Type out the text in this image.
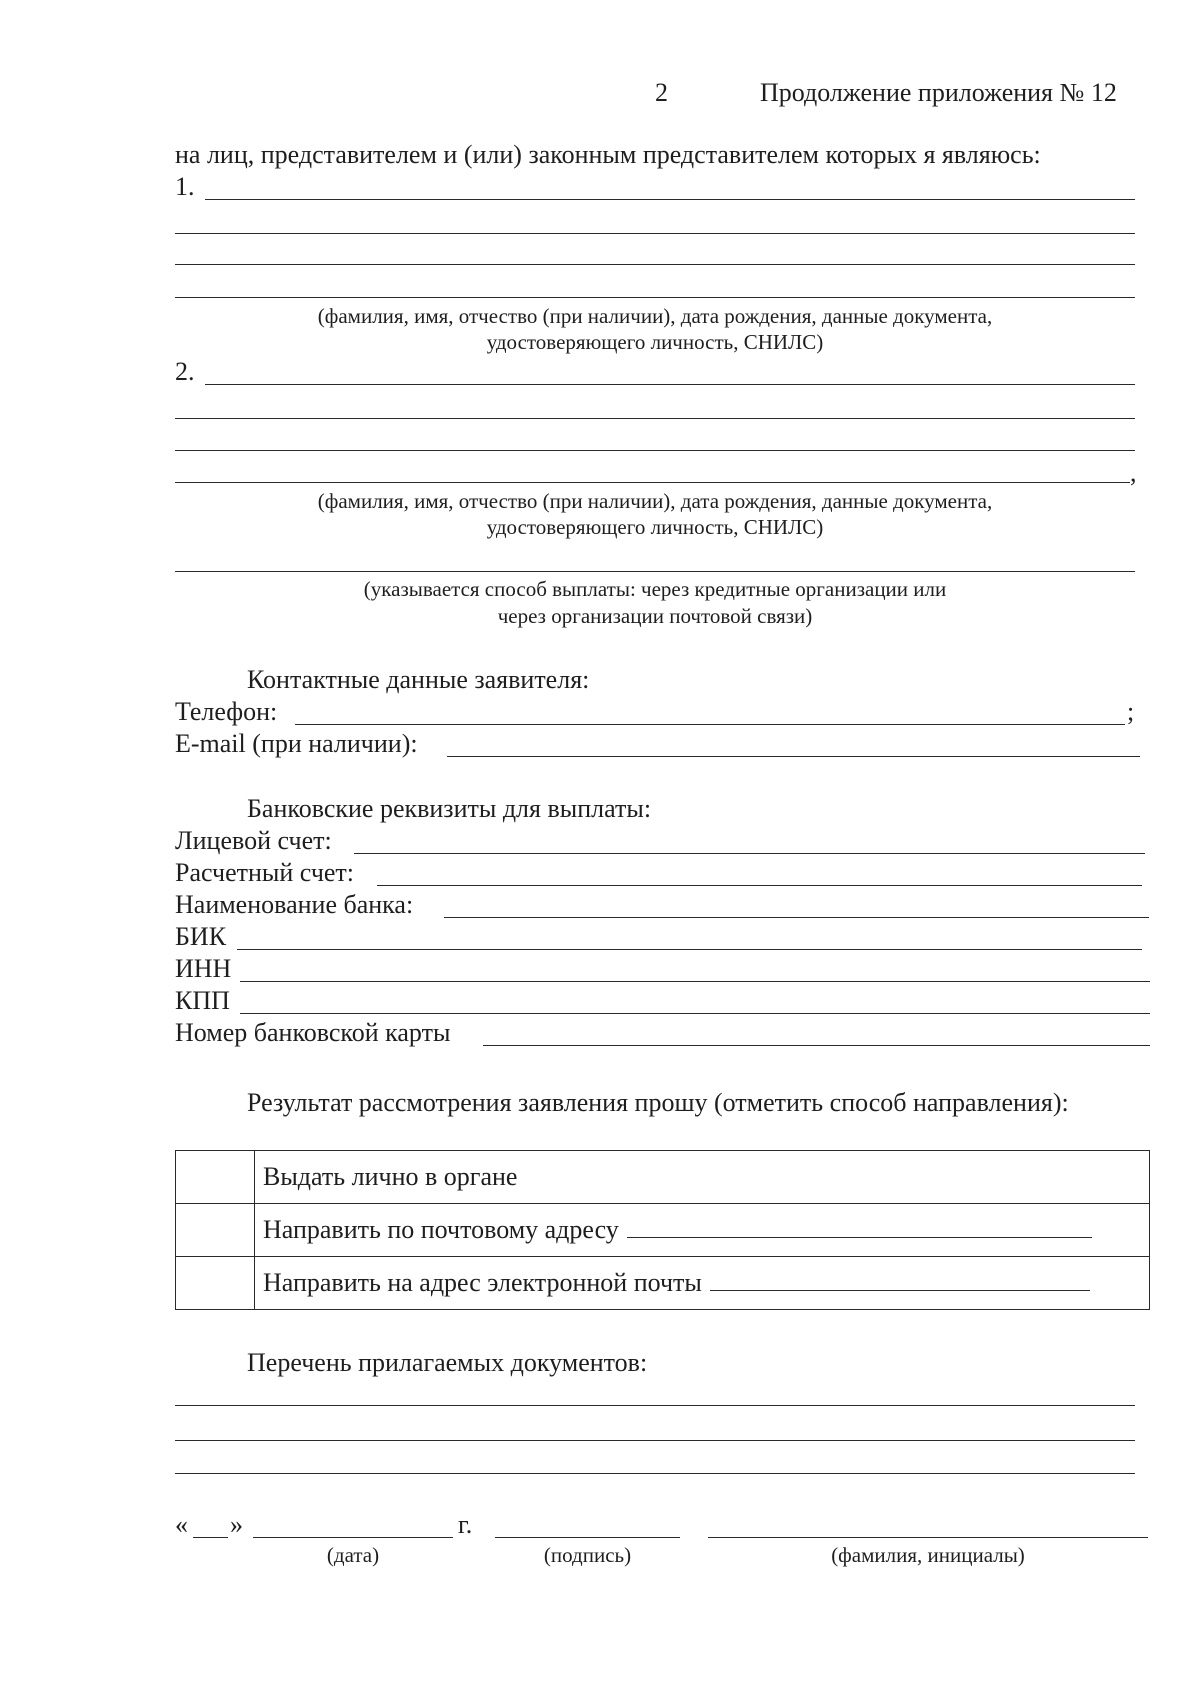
2	Продолжение приложения № 12
на лиц, представителем и (или) законным представителем которых я являюсь:
1.
(фамилия, имя, отчество (при наличии), дата рождения, данные документа,
удостоверяющего личность, СНИЛС)
2.
,
(фамилия, имя, отчество (при наличии), дата рождения, данные документа,
удостоверяющего личность, СНИЛС)
(указывается способ выплаты: через кредитные организации или
через организации почтовой связи)
Контактные данные заявителя:
Телефон:	;
E-mail (при наличии):
Банковские реквизиты для выплаты:
Лицевой счет:
Расчетный счет:
Наименование банка:
БИК
ИНН
КПП
Номер банковской карты
Результат рассмотрения заявления прошу (отметить способ направления):
	Выдать лично в органе
	Направить по почтовому адресу
	Направить на адрес электронной почты
Перечень прилагаемых документов:
« »	г.
(дата)	(подпись)	(фамилия, инициалы)
